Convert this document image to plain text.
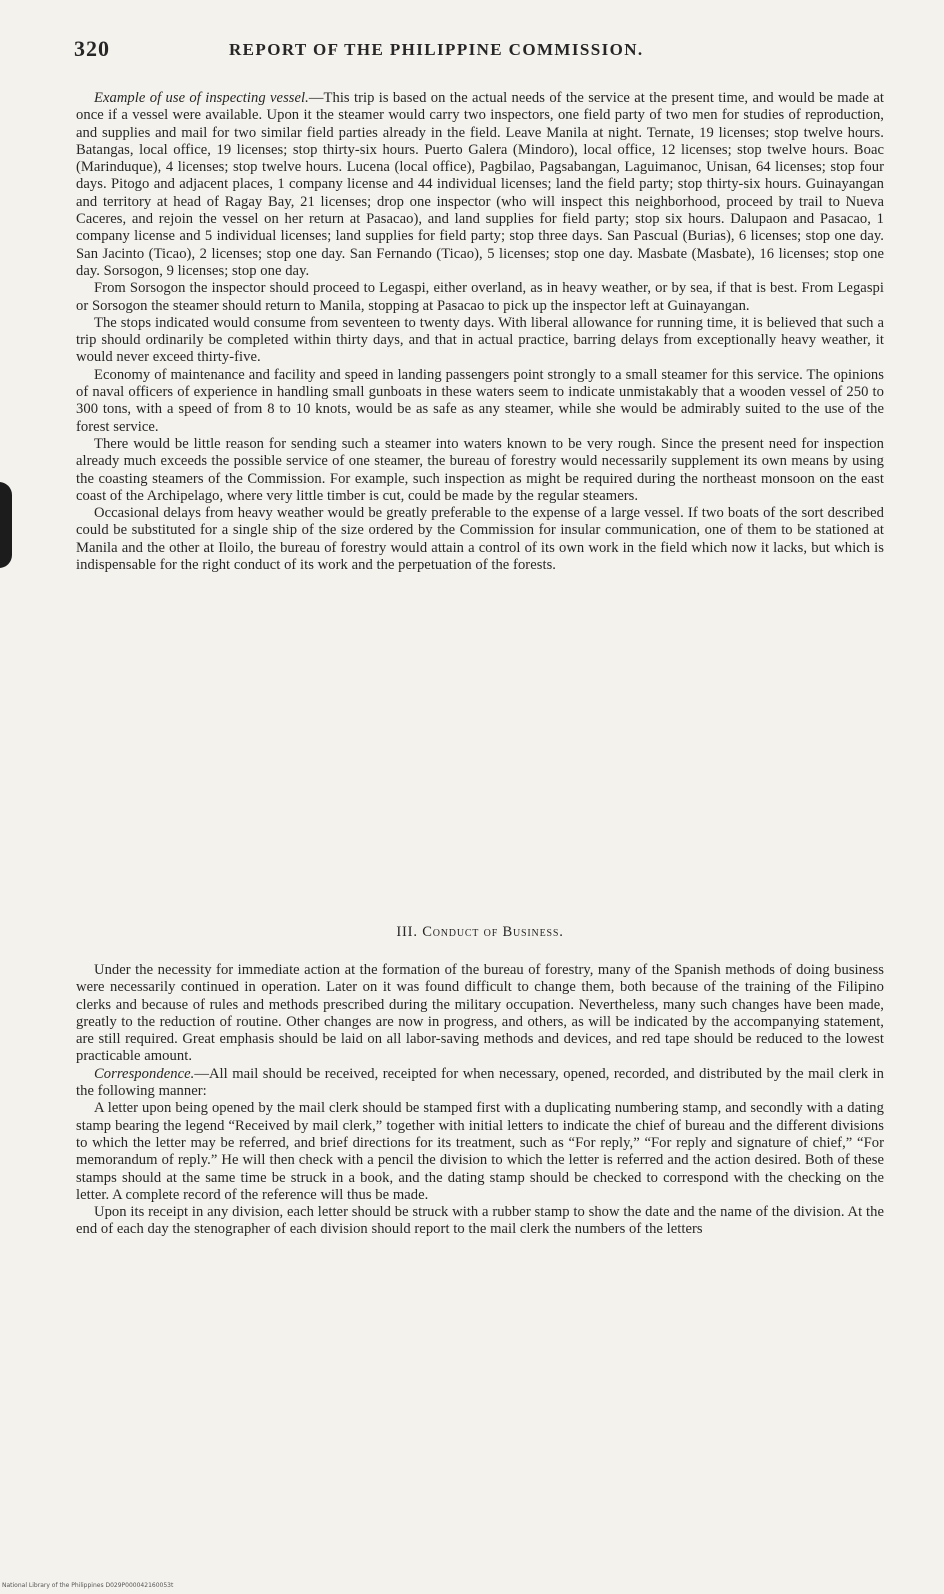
320	REPORT OF THE PHILIPPINE COMMISSION.

Example of use of inspecting vessel.—This trip is based on the actual needs of the service at the present time, and would be made at once if a vessel were available. Upon it the steamer would carry two inspectors, one field party of two men for studies of reproduction, and supplies and mail for two similar field parties already in the field. Leave Manila at night. Ternate, 19 licenses; stop twelve hours. Batangas, local office, 19 licenses; stop thirty-six hours. Puerto Galera (Mindoro), local office, 12 licenses; stop twelve hours. Boac (Marinduque), 4 licenses; stop twelve hours. Lucena (local office), Pagbilao, Pagsabangan, Laguimanoc, Unisan, 64 licenses; stop four days. Pitogo and adjacent places, 1 company license and 44 individual licenses; land the field party; stop thirty-six hours. Guinayangan and territory at head of Ragay Bay, 21 licenses; drop one inspector (who will inspect this neighborhood, proceed by trail to Nueva Caceres, and rejoin the vessel on her return at Pasacao), and land supplies for field party; stop six hours. Dalupaon and Pasacao, 1 company license and 5 individual licenses; land supplies for field party; stop three days. San Pascual (Burias), 6 licenses; stop one day. San Jacinto (Ticao), 2 licenses; stop one day. San Fernando (Ticao), 5 licenses; stop one day. Masbate (Masbate), 16 licenses; stop one day. Sorsogon, 9 licenses; stop one day.

From Sorsogon the inspector should proceed to Legaspi, either overland, as in heavy weather, or by sea, if that is best. From Legaspi or Sorsogon the steamer should return to Manila, stopping at Pasacao to pick up the inspector left at Guinayangan.

The stops indicated would consume from seventeen to twenty days. With liberal allowance for running time, it is believed that such a trip should ordinarily be completed within thirty days, and that in actual practice, barring delays from exceptionally heavy weather, it would never exceed thirty-five.

Economy of maintenance and facility and speed in landing passengers point strongly to a small steamer for this service. The opinions of naval officers of experience in handling small gunboats in these waters seem to indicate unmistakably that a wooden vessel of 250 to 300 tons, with a speed of from 8 to 10 knots, would be as safe as any steamer, while she would be admirably suited to the use of the forest service.

There would be little reason for sending such a steamer into waters known to be very rough. Since the present need for inspection already much exceeds the possible service of one steamer, the bureau of forestry would necessarily supplement its own means by using the coasting steamers of the Commission. For example, such inspection as might be required during the northeast monsoon on the east coast of the Archipelago, where very little timber is cut, could be made by the regular steamers.

Occasional delays from heavy weather would be greatly preferable to the expense of a large vessel. If two boats of the sort described could be substituted for a single ship of the size ordered by the Commission for insular communication, one of them to be stationed at Manila and the other at Iloilo, the bureau of forestry would attain a control of its own work in the field which now it lacks, but which is indispensable for the right conduct of its work and the perpetuation of the forests.

III. Conduct of Business.

Under the necessity for immediate action at the formation of the bureau of forestry, many of the Spanish methods of doing business were necessarily continued in operation. Later on it was found difficult to change them, both because of the training of the Filipino clerks and because of rules and methods prescribed during the military occupation. Nevertheless, many such changes have been made, greatly to the reduction of routine. Other changes are now in progress, and others, as will be indicated by the accompanying statement, are still required. Great emphasis should be laid on all labor-saving methods and devices, and red tape should be reduced to the lowest practicable amount.

Correspondence.—All mail should be received, receipted for when necessary, opened, recorded, and distributed by the mail clerk in the following manner:

A letter upon being opened by the mail clerk should be stamped first with a duplicating numbering stamp, and secondly with a dating stamp bearing the legend “Received by mail clerk,” together with initial letters to indicate the chief of bureau and the different divisions to which the letter may be referred, and brief directions for its treatment, such as “For reply,” “For reply and signature of chief,” “For memorandum of reply.” He will then check with a pencil the division to which the letter is referred and the action desired. Both of these stamps should at the same time be struck in a book, and the dating stamp should be checked to correspond with the checking on the letter. A complete record of the reference will thus be made.

Upon its receipt in any division, each letter should be struck with a rubber stamp to show the date and the name of the division. At the end of each day the stenographer of each division should report to the mail clerk the numbers of the letters

National Library of the Philippines D029P000042160053t
